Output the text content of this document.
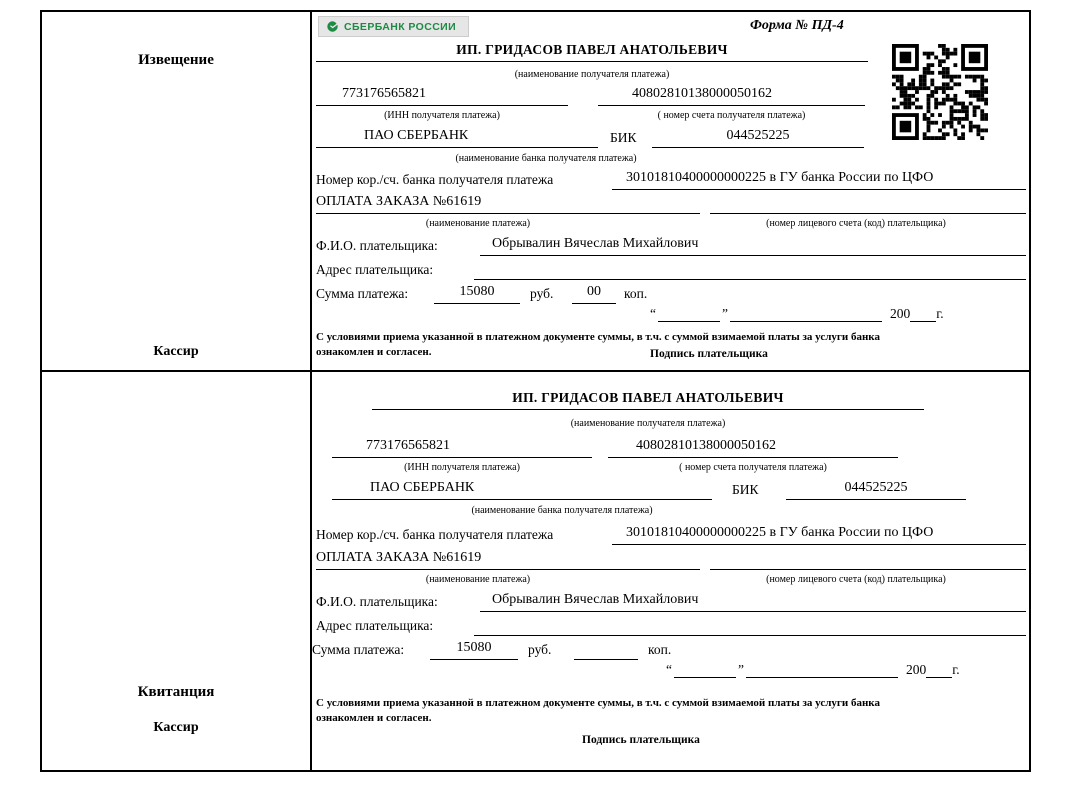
Извещение
Кассир
СБЕРБАНК РОССИИ	Форма № ПД-4
ИП. ГРИДАСОВ ПАВЕЛ АНАТОЛЬЕВИЧ
(наименование получателя платежа)
773176565821	40802810138000050162
(ИНН получателя платежа)	( номер счета получателя платежа)
ПАО СБЕРБАНК	БИК	044525225
(наименование банка получателя платежа)
Номер кор./сч. банка получателя платежа	30101810400000000225 в ГУ банка России по ЦФО
ОПЛАТА ЗАКАЗА №61619
(наименование платежа)	(номер лицевого счета (код) плательщика)
Ф.И.О. плательщика:	Обрывалин Вячеслав Михайлович
Адрес плательщика:
Сумма платежа:	15080	руб.	00	коп.
“	”	200 г.
С условиями приема указанной в платежном документе суммы, в т.ч. с суммой взимаемой платы за услуги банка
ознакомлен и согласен.	Подпись плательщика
Квитанция
Кассир
ИП. ГРИДАСОВ ПАВЕЛ АНАТОЛЬЕВИЧ
(наименование получателя платежа)
773176565821	40802810138000050162
(ИНН получателя платежа)	( номер счета получателя платежа)
ПАО СБЕРБАНК	БИК	044525225
(наименование банка получателя платежа)
Номер кор./сч. банка получателя платежа	30101810400000000225 в ГУ банка России по ЦФО
ОПЛАТА ЗАКАЗА №61619
(наименование платежа)	(номер лицевого счета (код) плательщика)
Ф.И.О. плательщика:	Обрывалин Вячеслав Михайлович
Адрес плательщика:
Сумма платежа:	15080	руб.	коп.
“	”	200 г.
С условиями приема указанной в платежном документе суммы, в т.ч. с суммой взимаемой платы за услуги банка
ознакомлен и согласен.
Подпись плательщика
